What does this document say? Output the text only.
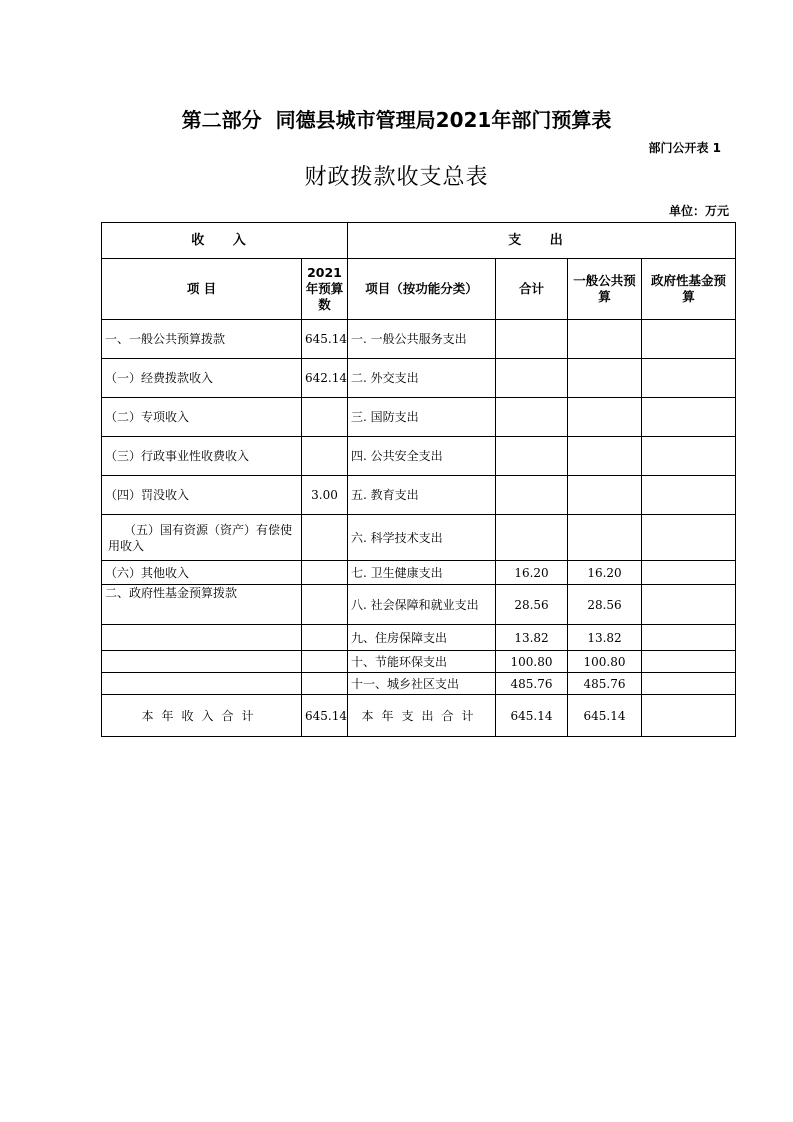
第二部分 同德县城市管理局2021年部门预算表
部门公开表 1
财政拨款收支总表
单位：万元
收 入		支 出			
项 目	2021年预算数	项目（按功能分类）	合计	一般公共预算	政府性基金预算
一、一般公共预算拨款	645.14	一. 一般公共服务支出			
（一）经费拨款收入	642.14	二. 外交支出			
（二）专项收入		三. 国防支出			
（三）行政事业性收费收入		四. 公共安全支出			
（四）罚没收入	3.00	五. 教育支出			
（五）国有资源（资产）有偿使用收入		六. 科学技术支出			
（六）其他收入		七. 卫生健康支出	16.20	16.20	
二、政府性基金预算拨款		八. 社会保障和就业支出	28.56	28.56	
		九、住房保障支出	13.82	13.82	
		十、节能环保支出	100.80	100.80	
		十一、城乡社区支出	485.76	485.76	
本年收入合计	645.14	本年支出合计	645.14	645.14	
